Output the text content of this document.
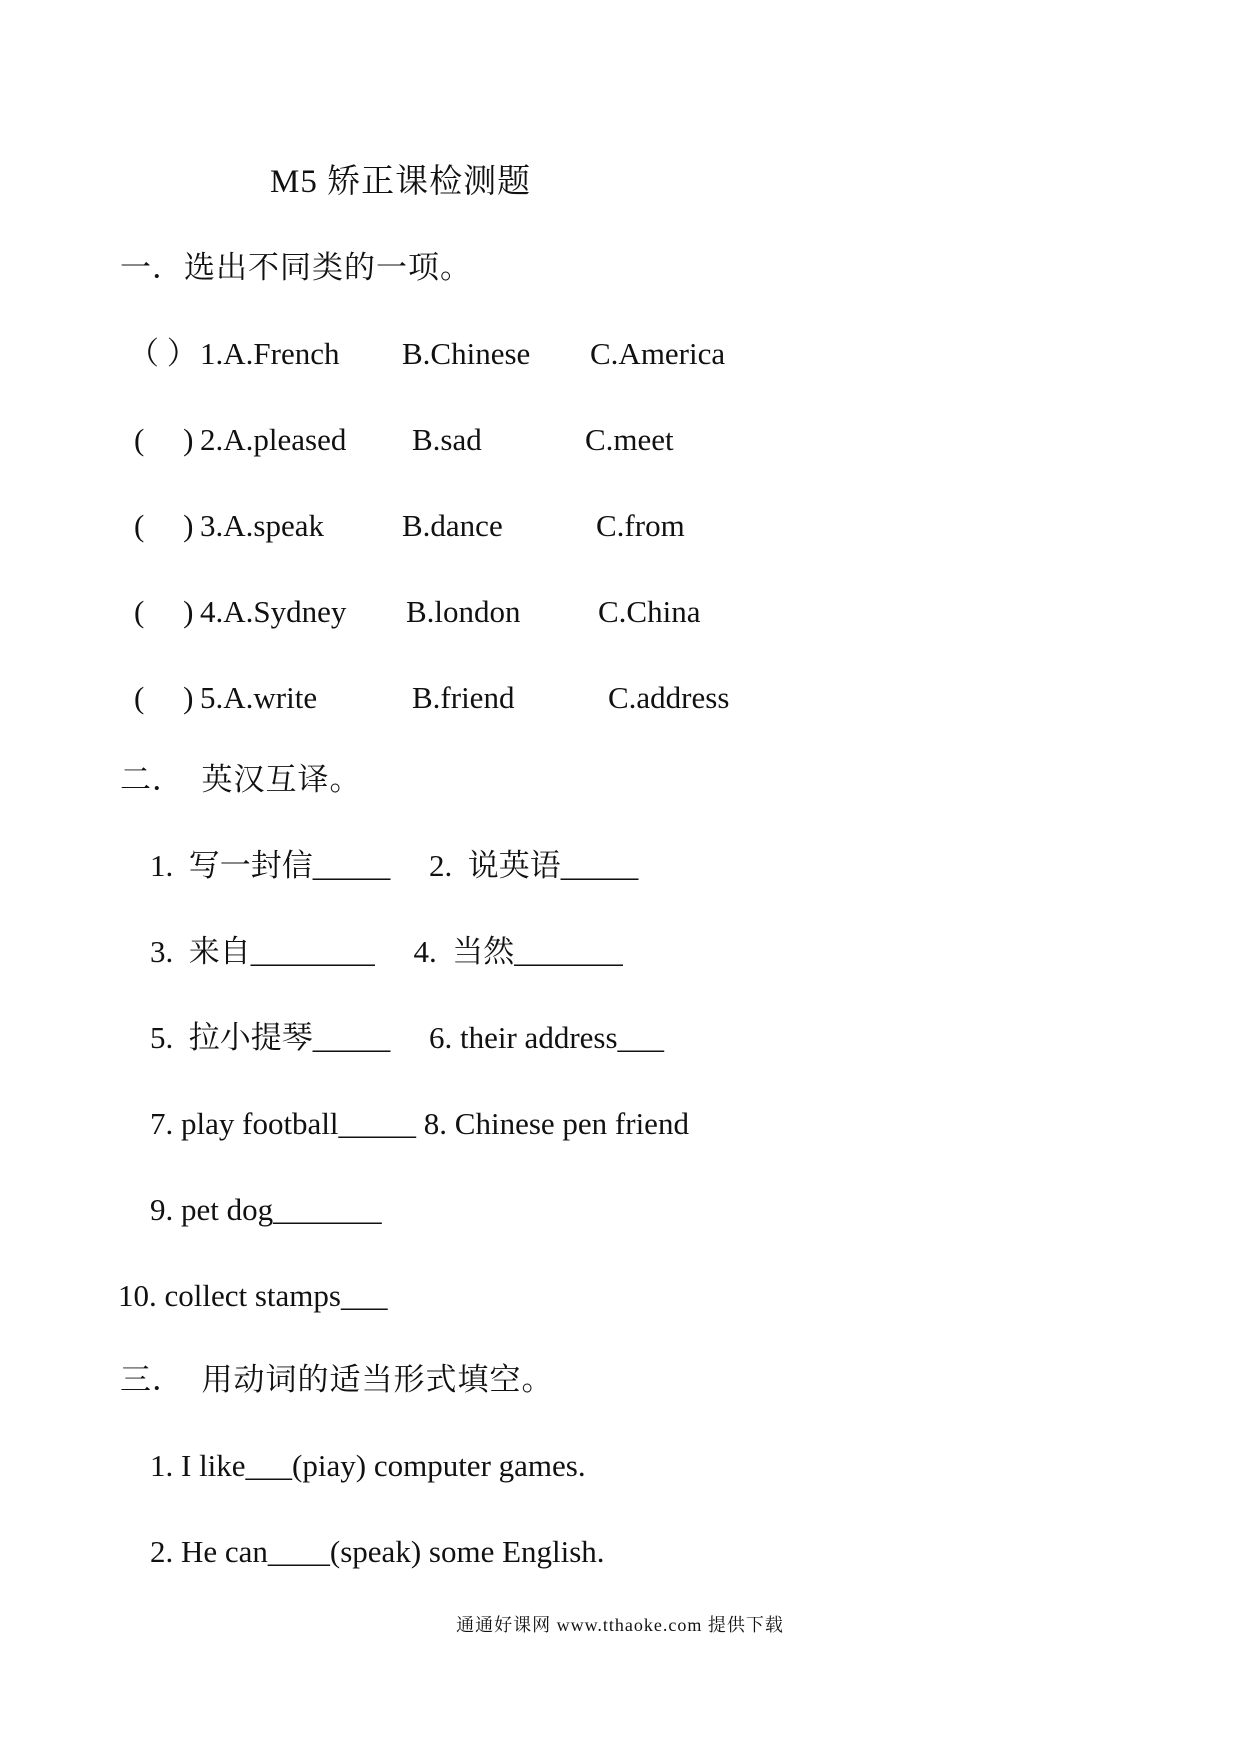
M5 矫正课检测题
一．选出不同类的一项。
（ ） 1.A.French B.Chinese C.America
(     ) 2.A.pleased B.sad	C.meet
(     ) 3.A.speak	B.dance	C.from
(     ) 4.A.Sydney B.london C.China
(     ) 5.A.write	B.friend	C.address
二．  英汉互译。
1.  写一封信_____     2.  说英语_____
3.  来自________     4.  当然_______
5.  拉小提琴_____     6. their address___
7. play football_____ 8. Chinese pen friend
9. pet dog_______
10. collect stamps___
三．  用动词的适当形式填空。
1. I like___(piay) computer games.
2. He can____(speak) some English.
通通好课网 www.tthaoke.com 提供下载
